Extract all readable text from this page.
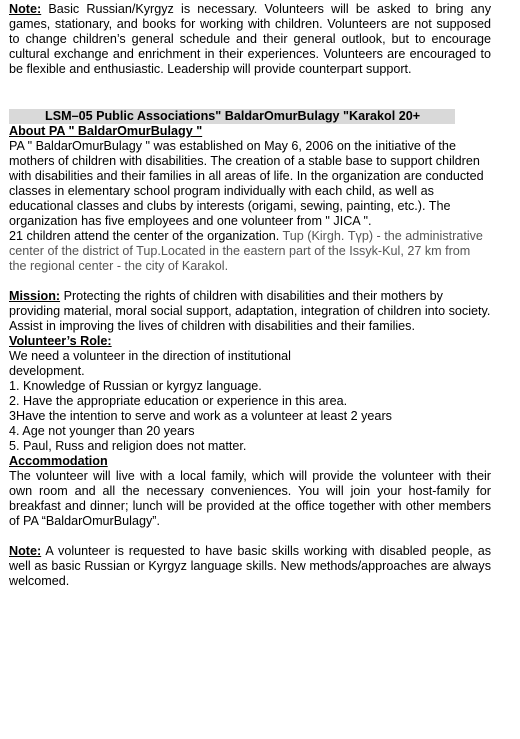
Note: Basic Russian/Kyrgyz is necessary. Volunteers will be asked to bring any games, stationary, and books for working with children. Volunteers are not supposed to change children’s general schedule and their general outlook, but to encourage cultural exchange and enrichment in their experiences. Volunteers are encouraged to be flexible and enthusiastic. Leadership will provide counterpart support.

LSM–05 Public Associations" BaldarOmurBulagy "Karakol 20+

About PA " BaldarOmurBulagy "

PA " BaldarOmurBulagy " was established on May 6, 2006 on the initiative of the mothers of children with disabilities. The creation of a stable base to support children with disabilities and their families in all areas of life. In the organization are conducted classes in elementary school program individually with each child, as well as educational classes and clubs by interests (origami, sewing, painting, etc.). The organization has five employees and one volunteer from " JICA ".

21 children attend the center of the organization. Tup (Kirgh. Түр) - the administrative center of the district of Tup.Located in the eastern part of the Issyk-Kul, 27 km from the regional center - the city of Karakol.

Mission: Protecting the rights of children with disabilities and their mothers by providing material, moral social support, adaptation, integration of children into society. Assist in improving the lives of children with disabilities and their families.

Volunteer’s Role:

We need a volunteer in the direction of institutional

development.

1. Knowledge of Russian or kyrgyz language.

2. Have the appropriate education or experience in this area.

3Have the intention to serve and work as a volunteer at least 2 years

4. Age not younger than 20 years

5. Paul, Russ and religion does not matter.

Accommodation

The volunteer will live with a local family, which will provide the volunteer with their own room and all the necessary conveniences. You will join your host-family for breakfast and dinner; lunch will be provided at the office together with other members of PA “BaldarOmurBulagy”.

Note: A volunteer is requested to have basic skills working with disabled people, as well as basic Russian or Kyrgyz language skills. New methods/approaches are always welcomed.
